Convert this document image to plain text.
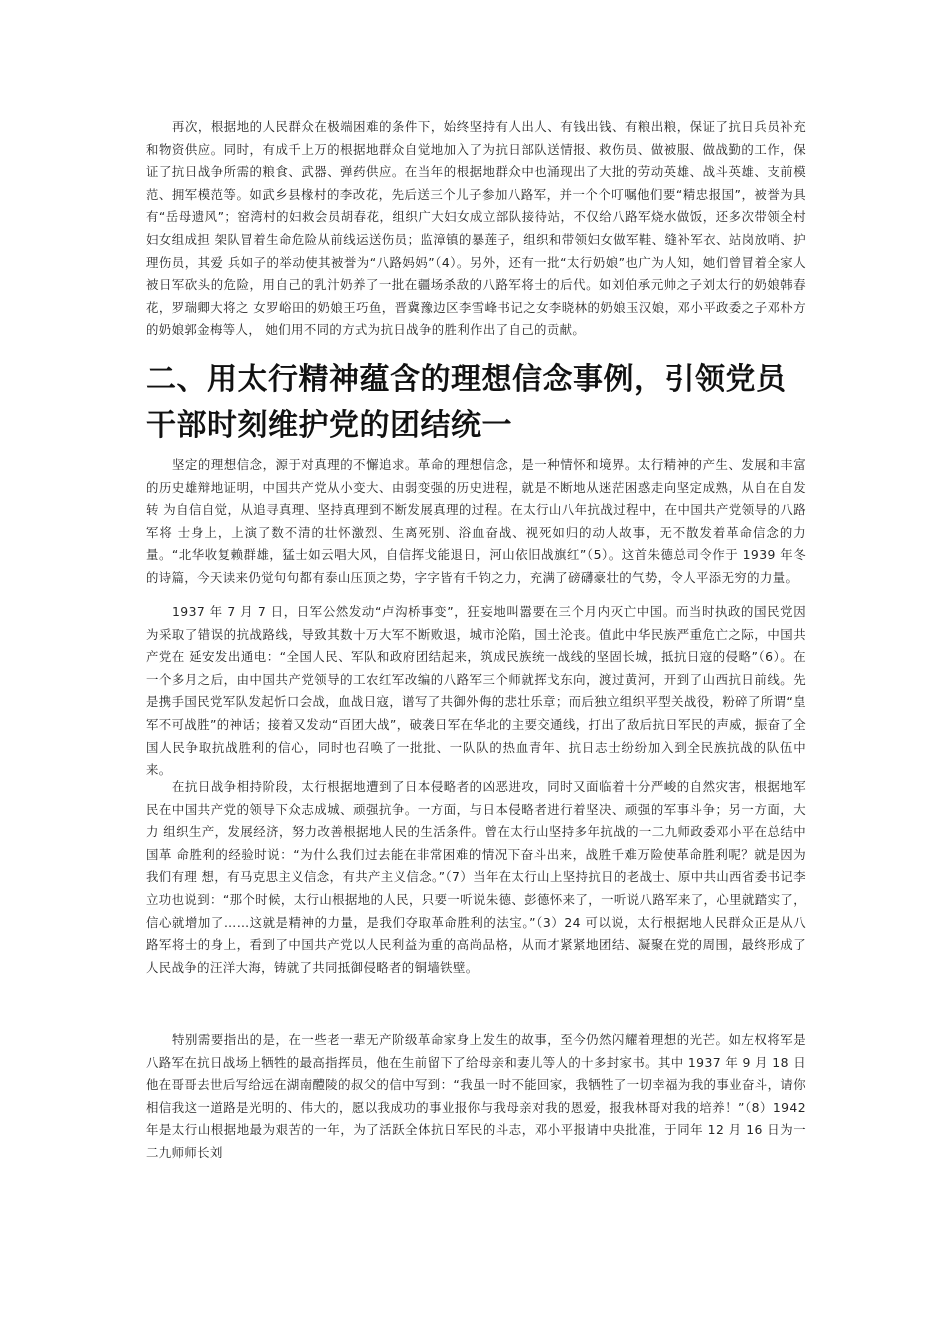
再次，根据地的人民群众在极端困难的条件下，始终坚持有人出人、有钱出钱、有粮出粮，保证了抗日兵员补充和物资供应。同时，有成千上万的根据地群众自觉地加入了为抗日部队送情报、救伤员、做被服、做战勤的工作，保证了抗日战争所需的粮食、武器、弹药供应。在当年的根据地群众中也涌现出了大批的劳动英雄、战斗英雄、支前模范、拥军模范等。如武乡县椽村的李改花，先后送三个儿子参加八路军，并一个个叮嘱他们要“精忠报国”，被誉为具有“岳母遗风”；窑湾村的妇救会员胡春花，组织广大妇女成立部队接待站，不仅给八路军烧水做饭，还多次带领全村妇女组成担 架队冒着生命危险从前线运送伤员；监漳镇的暴莲子，组织和带领妇女做军鞋、缝补军衣、站岗放哨、护理伤员，其爱 兵如子的举动使其被誉为“八路妈妈”（4）。另外，还有一批“太行奶娘”也广为人知，她们曾冒着全家人被日军砍头的危险，用自己的乳汁奶养了一批在疆场杀敌的八路军将士的后代。如刘伯承元帅之子刘太行的奶娘韩春花，罗瑞卿大将之 女罗峪田的奶娘王巧鱼，晋冀豫边区李雪峰书记之女李晓林的奶娘玉汉娘，邓小平政委之子邓朴方的奶娘郭金梅等人， 她们用不同的方式为抗日战争的胜利作出了自己的贡献。

二、用太行精神蕴含的理想信念事例，引领党员干部时刻维护党的团结统一

坚定的理想信念，源于对真理的不懈追求。革命的理想信念，是一种情怀和境界。太行精神的产生、发展和丰富 的历史雄辩地证明，中国共产党从小变大、由弱变强的历史进程，就是不断地从迷茫困惑走向坚定成熟，从自在自发转 为自信自觉，从追寻真理、坚持真理到不断发展真理的过程。在太行山八年抗战过程中，在中国共产党领导的八路军将 士身上，上演了数不清的壮怀激烈、生离死别、浴血奋战、视死如归的动人故事，无不散发着革命信念的力量。“北华收复赖群雄，猛士如云唱大风，自信挥戈能退日，河山依旧战旗红”（5）。这首朱德总司令作于 1939 年冬的诗篇，今天读来仍觉句句都有泰山压顶之势，字字皆有千钧之力，充满了磅礴豪壮的气势，令人平添无穷的力量。

1937 年 7 月 7 日，日军公然发动“卢沟桥事变”，狂妄地叫嚣要在三个月内灭亡中国。而当时执政的国民党因为采取了错误的抗战路线，导致其数十万大军不断败退，城市沦陷，国土沦丧。值此中华民族严重危亡之际，中国共产党在 延安发出通电：“全国人民、军队和政府团结起来，筑成民族统一战线的坚固长城，抵抗日寇的侵略”（6）。在一个多月之后，由中国共产党领导的工农红军改编的八路军三个师就挥戈东向，渡过黄河，开到了山西抗日前线。先是携手国民党军队发起忻口会战，血战日寇，谱写了共御外侮的悲壮乐章；而后独立组织平型关战役，粉碎了所谓“皇军不可战胜”的神话；接着又发动“百团大战”，破袭日军在华北的主要交通线，打出了敌后抗日军民的声威，振奋了全国人民争取抗战胜利的信心，同时也召唤了一批批、一队队的热血青年、抗日志士纷纷加入到全民族抗战的队伍中来。

在抗日战争相持阶段，太行根据地遭到了日本侵略者的凶恶进攻，同时又面临着十分严峻的自然灾害，根据地军 民在中国共产党的领导下众志成城、顽强抗争。一方面，与日本侵略者进行着坚决、顽强的军事斗争；另一方面，大力 组织生产，发展经济，努力改善根据地人民的生活条件。曾在太行山坚持多年抗战的一二九师政委邓小平在总结中国革 命胜利的经验时说：“为什么我们过去能在非常困难的情况下奋斗出来，战胜千难万险使革命胜利呢？就是因为我们有理 想，有马克思主义信念，有共产主义信念。”（7）当年在太行山上坚持抗日的老战士、原中共山西省委书记李立功也说到：“那个时候，太行山根据地的人民，只要一听说朱德、彭德怀来了，一听说八路军来了，心里就踏实了，信心就增加了……这就是精神的力量，是我们夺取革命胜利的法宝。”（3）24 可以说，太行根据地人民群众正是从八路军将士的身上，看到了中国共产党以人民利益为重的高尚品格，从而才紧紧地团结、凝聚在党的周围，最终形成了人民战争的汪洋大海，铸就了共同抵御侵略者的铜墙铁壁。

特别需要指出的是，在一些老一辈无产阶级革命家身上发生的故事，至今仍然闪耀着理想的光芒。如左权将军是 八路军在抗日战场上牺牲的最高指挥员，他在生前留下了给母亲和妻儿等人的十多封家书。其中 1937 年 9 月 18 日他在哥哥去世后写给远在湖南醴陵的叔父的信中写到：“我虽一时不能回家，我牺牲了一切幸福为我的事业奋斗，请你相信我这一道路是光明的、伟大的，愿以我成功的事业报你与我母亲对我的恩爱，报我林哥对我的培养！”（8）1942 年是太行山根据地最为艰苦的一年，为了活跃全体抗日军民的斗志，邓小平报请中央批准，于同年 12 月 16 日为一二九师师长刘
